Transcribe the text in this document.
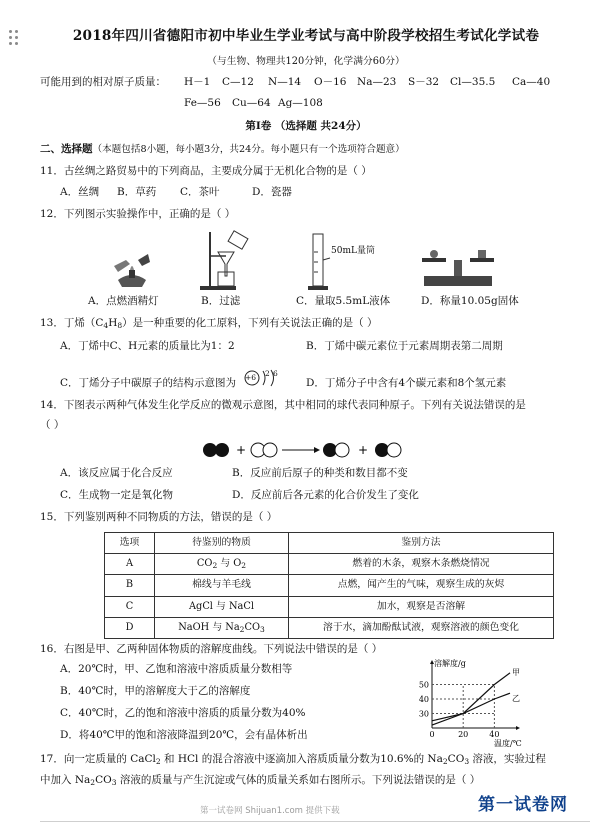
2018年四川省德阳市初中毕业生学业考试与高中阶段学校招生考试化学试卷
（与生物、物理共120分钟，化学满分60分）
可能用到的相对原子质量： H－1 C—12 N—14 O－16 Na—23 S－32 Cl—35.5 Ca—40
Fe—56 Cu—64 Ag—108
第Ⅰ卷 （选择题 共24分）
二、选择题（本题包括8小题，每小题3分，共24分。每小题只有一个选项符合题意）
11．古丝绸之路贸易中的下列商品，主要成分属于无机化合物的是（ ）
A．丝绸 B．草药 C．茶叶	D．瓷器
12．下列图示实验操作中，正确的是（ ）
50mL量筒
A．点燃酒精灯	B．过滤	C．量取5.5mL液体	D．称量10.05g固体
13．丁烯$(C_4H_8)$是一种重要的化工原料，下列有关说法正确的是（ ）
A．丁烯中C、H元素的质量比为1：2	B．丁烯中碳元素位于元素周期表第二周期
C．丁烯分子中碳原子的结构示意图为 +6 2 6
D．丁烯分子中含有4个碳元素和8个氢元素
14．下图表示两种气体发生化学反应的微观示意图，其中相同的球代表同种原子。下列有关说法错误的是
（ ）
+	+
A．该反应属于化合反应	B．反应前后原子的种类和数目都不变
C．生成物一定是氧化物	D．反应前后各元素的化合价发生了变化
15．下列鉴别两种不同物质的方法，错误的是（ ）
选项	待鉴别的物质	鉴别方法
A	$CO_2$ 与 $O_2$	燃着的木条，观察木条燃烧情况
B	棉线与羊毛线	点燃，闻产生的气味，观察生成的灰烬
C	AgCl 与 NaCl	加水，观察是否溶解
D	NaOH 与 $Na_2CO_3$	溶于水，滴加酚酞试液，观察溶液的颜色变化
16．右图是甲、乙两种固体物质的溶解度曲线。下列说法中错误的是（ ）
A．20℃时，甲、乙饱和溶液中溶质质量分数相等
B．40℃时，甲的溶解度大于乙的溶解度
C．40℃时，乙的饱和溶液中溶质的质量分数为40%
D．将40℃甲的饱和溶液降温到20℃，会有晶体析出
30
40
50
0	20	40
甲
乙
溶解度/g
温度/℃
17．向一定质量的 CaCl$_2$ 和 HCl 的混合溶液中逐滴加入溶质质量分数为10.6%的 $Na_2CO_3$ 溶液，实验过程
中加入 $Na_2CO_3$ 溶液的质量与产生沉淀或气体的质量关系如右图所示。下列说法错误的是（ ）
第一试卷网 Shijuan1.com 提供下载	第一试卷网
